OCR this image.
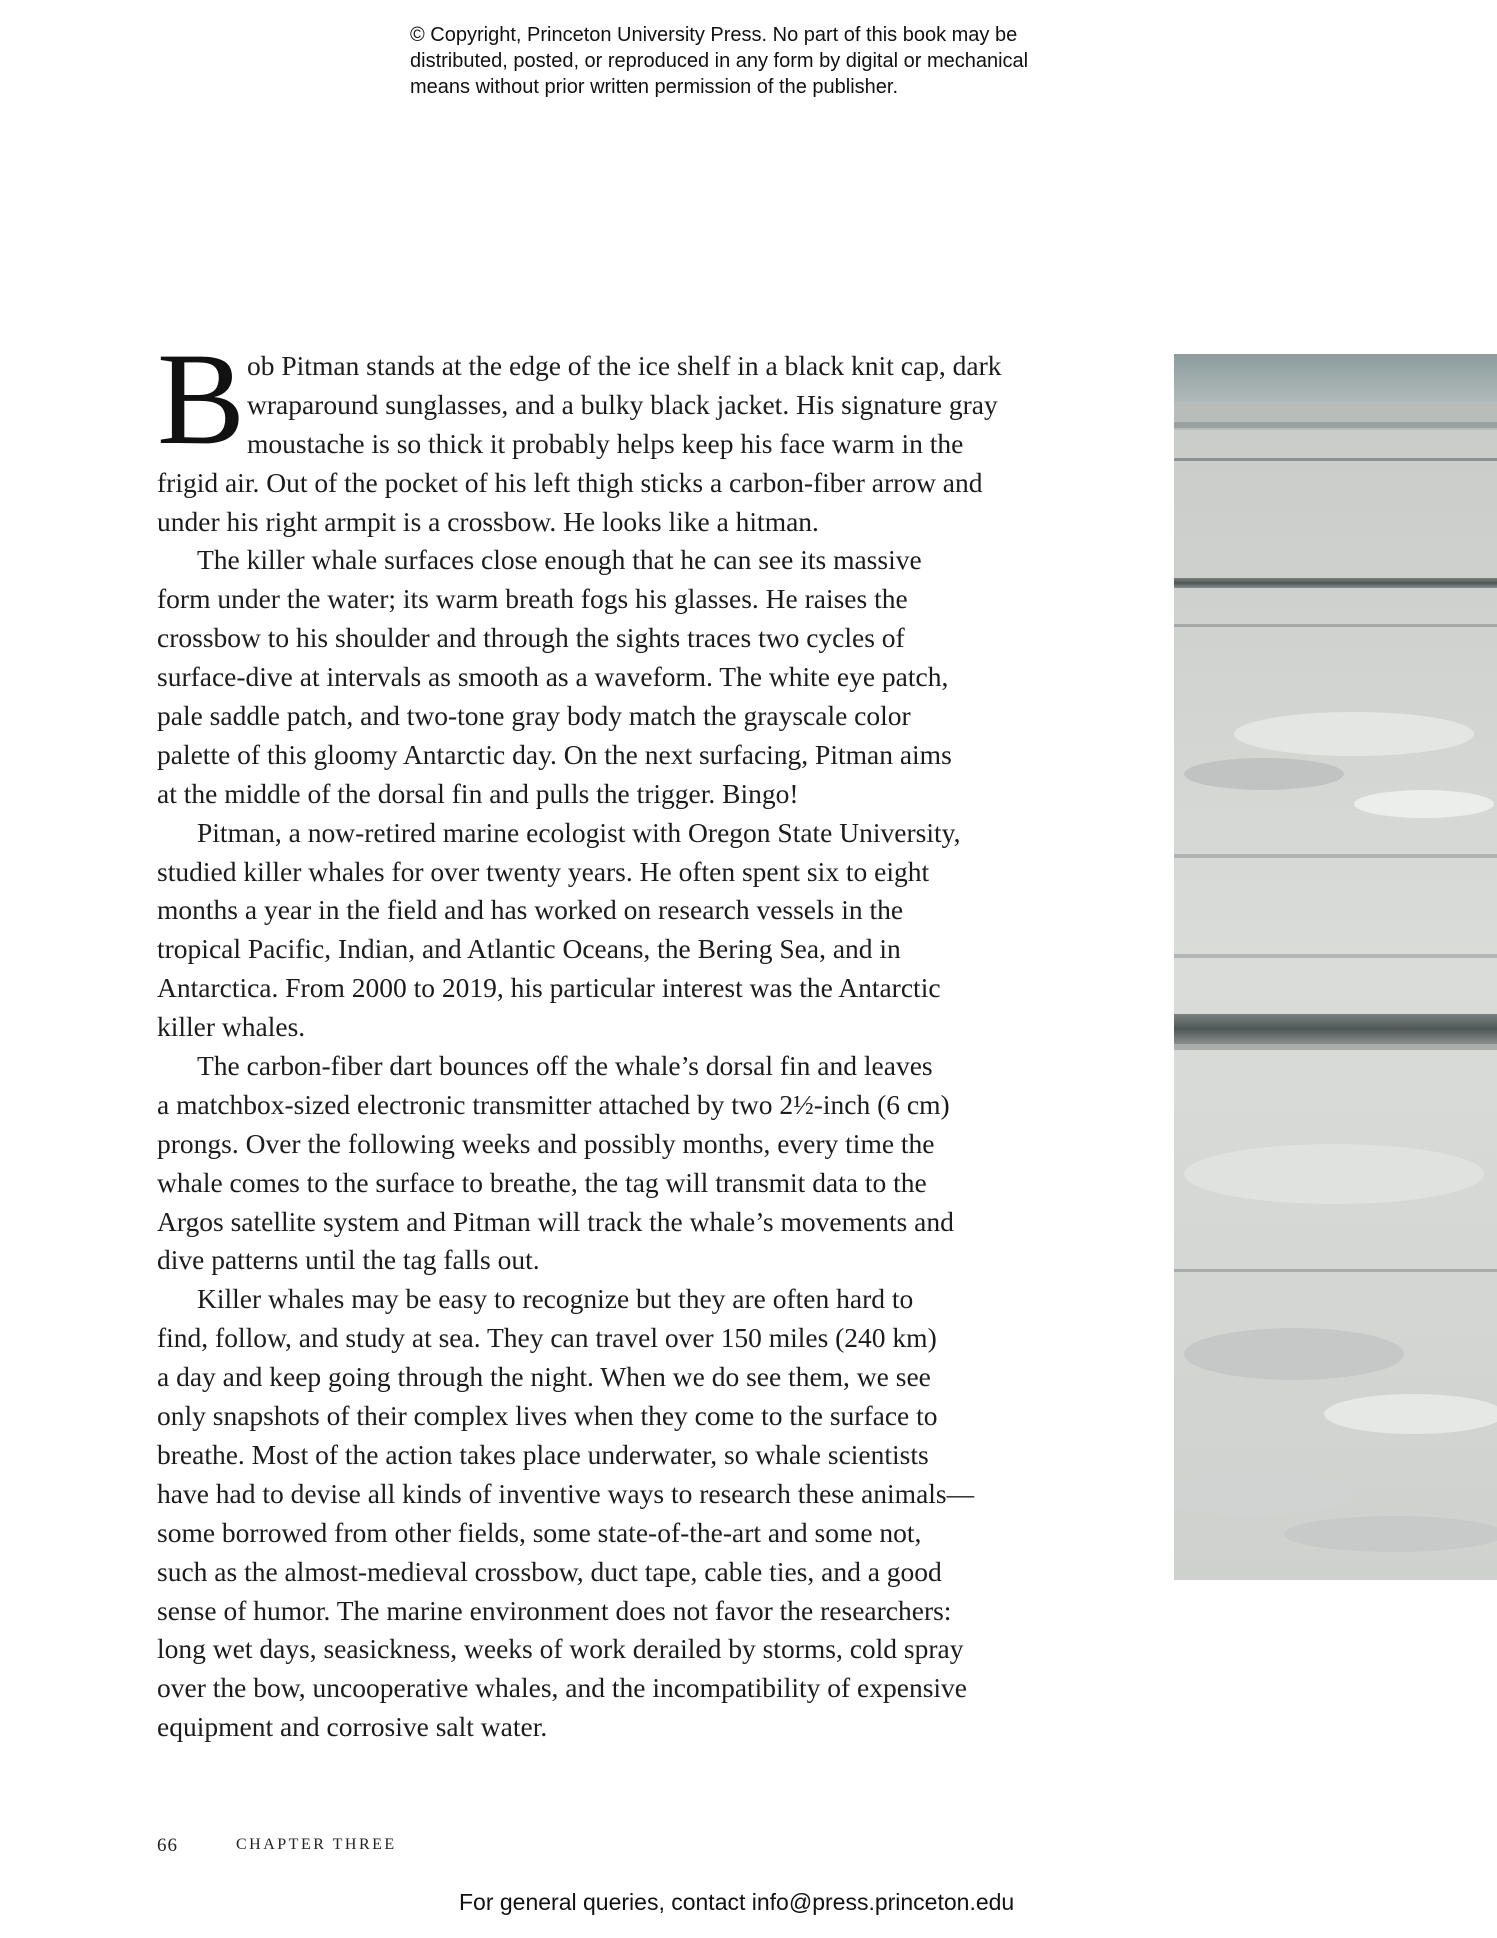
© Copyright, Princeton University Press. No part of this book may be
distributed, posted, or reproduced in any form by digital or mechanical
means without prior written permission of the publisher.
B ob Pitman stands at the edge of the ice shelf in a black knit cap, dark
wraparound sunglasses, and a bulky black jacket. His signature gray
moustache is so thick it probably helps keep his face warm in the
frigid air. Out of the pocket of his left thigh sticks a carbon-fiber arrow and
under his right armpit is a crossbow. He looks like a hitman.
The killer whale surfaces close enough that he can see its massive
form under the water; its warm breath fogs his glasses. He raises the
crossbow to his shoulder and through the sights traces two cycles of
surface-dive at intervals as smooth as a waveform. The white eye patch,
pale saddle patch, and two-tone gray body match the grayscale color
palette of this gloomy Antarctic day. On the next surfacing, Pitman aims
at the middle of the dorsal fin and pulls the trigger. Bingo!
Pitman, a now-retired marine ecologist with Oregon State University,
studied killer whales for over twenty years. He often spent six to eight
months a year in the field and has worked on research vessels in the
tropical Pacific, Indian, and Atlantic Oceans, the Bering Sea, and in
Antarctica. From 2000 to 2019, his particular interest was the Antarctic
killer whales.
The carbon-fiber dart bounces off the whale’s dorsal fin and leaves
a matchbox-sized electronic transmitter attached by two 2½-inch (6 cm)
prongs. Over the following weeks and possibly months, every time the
whale comes to the surface to breathe, the tag will transmit data to the
Argos satellite system and Pitman will track the whale’s movements and
dive patterns until the tag falls out.
Killer whales may be easy to recognize but they are often hard to
find, follow, and study at sea. They can travel over 150 miles (240 km)
a day and keep going through the night. When we do see them, we see
only snapshots of their complex lives when they come to the surface to
breathe. Most of the action takes place underwater, so whale scientists
have had to devise all kinds of inventive ways to research these animals—
some borrowed from other fields, some state-of-the-art and some not,
such as the almost-medieval crossbow, duct tape, cable ties, and a good
sense of humor. The marine environment does not favor the researchers:
long wet days, seasickness, weeks of work derailed by storms, cold spray
over the bow, uncooperative whales, and the incompatibility of expensive
equipment and corrosive salt water.
66	CHAPTER THREE
For general queries, contact info@press.princeton.edu
